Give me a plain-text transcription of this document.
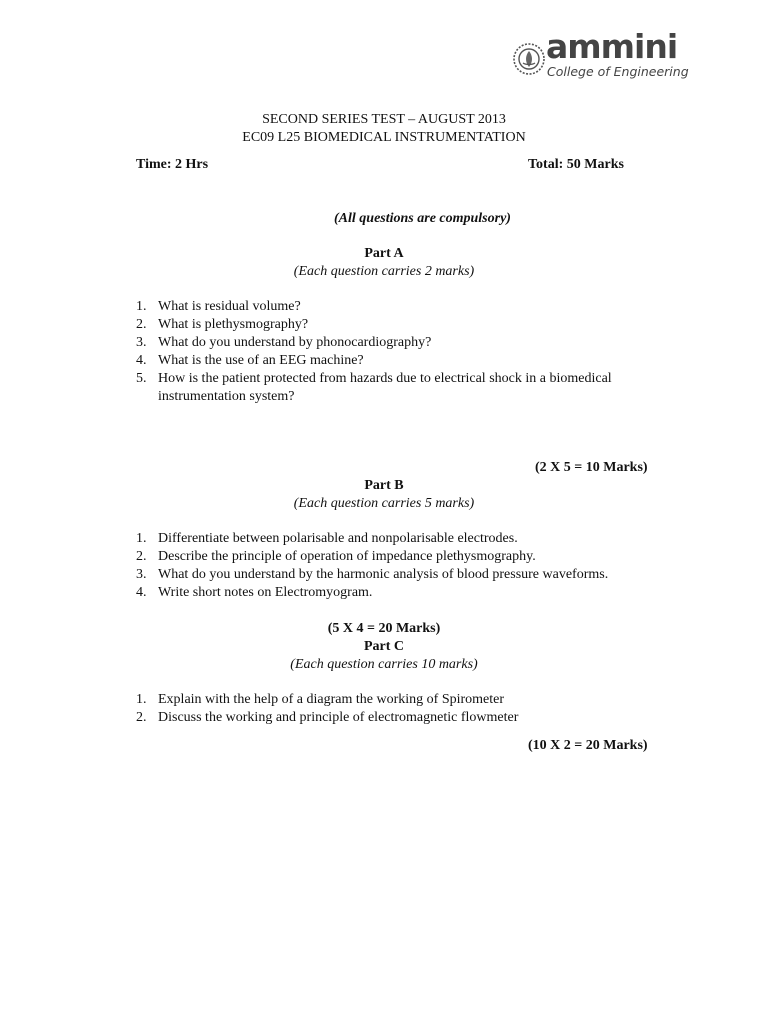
ammini
College of Engineering
SECOND SERIES TEST – AUGUST 2013
EC09 L25 BIOMEDICAL INSTRUMENTATION
Time: 2 Hrs	Total: 50 Marks
(All questions are compulsory)
Part A
(Each question carries 2 marks)
1. What is residual volume?
2. What is plethysmography?
3. What do you understand by phonocardiography?
4. What is the use of an EEG machine?
5. How is the patient protected from hazards due to electrical shock in a biomedical
instrumentation system?
(2 X 5 = 10 Marks)
Part B
(Each question carries 5 marks)
1. Differentiate between polarisable and nonpolarisable electrodes.
2. Describe the principle of operation of impedance plethysmography.
3. What do you understand by the harmonic analysis of blood pressure waveforms.
4. Write short notes on Electromyogram.
(5 X 4 = 20 Marks)
Part C
(Each question carries 10 marks)
1. Explain with the help of a diagram the working of Spirometer
2. Discuss the working and principle of electromagnetic flowmeter
(10 X 2 = 20 Marks)
